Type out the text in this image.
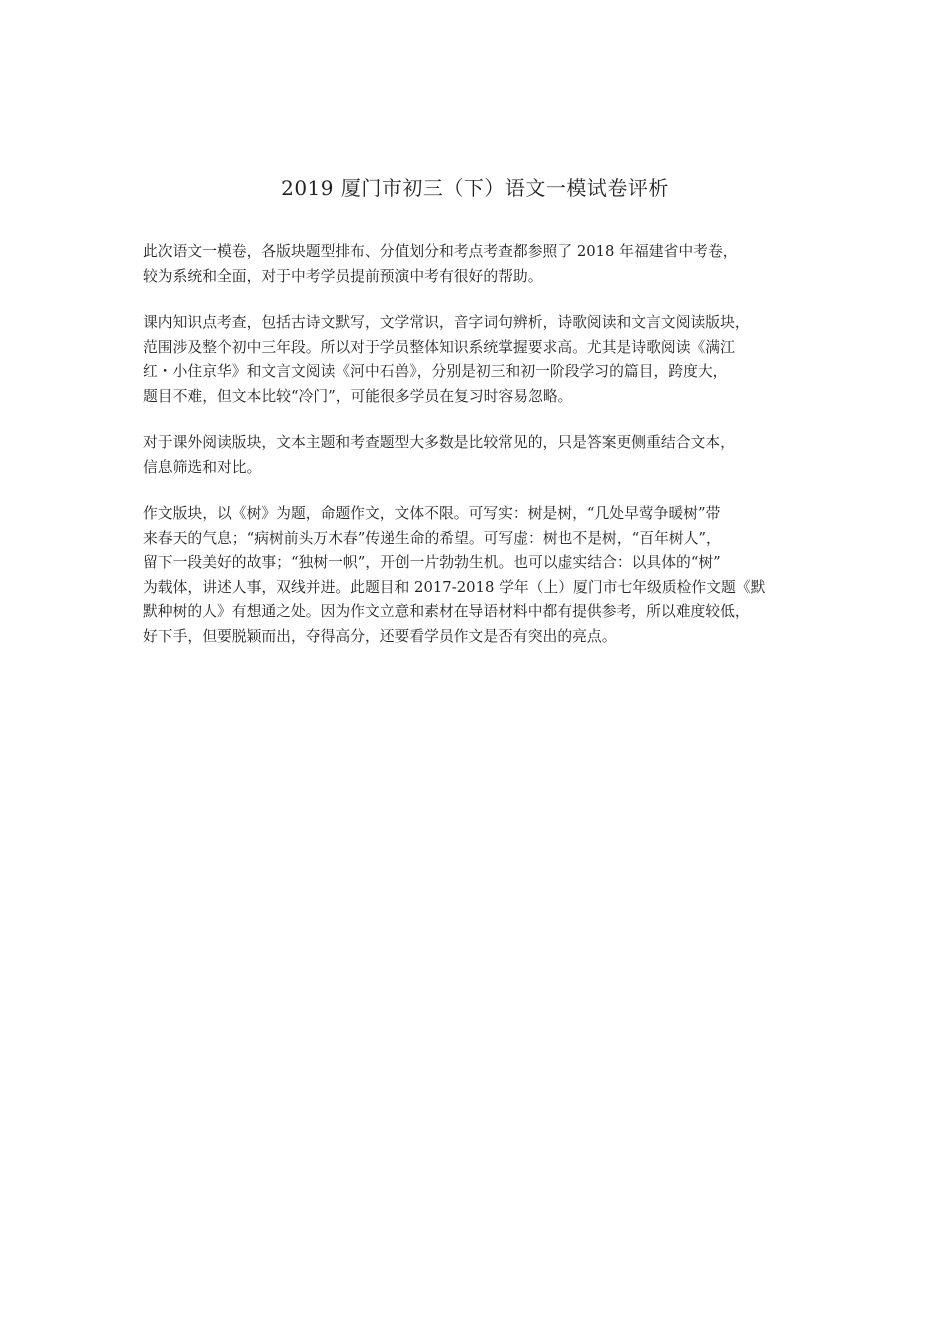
2019 厦门市初三（下）语文一模试卷评析

此次语文一模卷，各版块题型排布、分值划分和考点考查都参照了 2018 年福建省中考卷，
较为系统和全面，对于中考学员提前预演中考有很好的帮助。

课内知识点考查，包括古诗文默写，文学常识，音字词句辨析，诗歌阅读和文言文阅读版块，
范围涉及整个初中三年段。所以对于学员整体知识系统掌握要求高。尤其是诗歌阅读《满江
红・小住京华》和文言文阅读《河中石兽》，分别是初三和初一阶段学习的篇目，跨度大，
题目不难，但文本比较“冷门”，可能很多学员在复习时容易忽略。

对于课外阅读版块，文本主题和考查题型大多数是比较常见的，只是答案更侧重结合文本，
信息筛选和对比。

作文版块，以《树》为题，命题作文，文体不限。可写实：树是树，“几处早莺争暖树”带
来春天的气息；“病树前头万木春”传递生命的希望。可写虚：树也不是树，“百年树人”，
留下一段美好的故事；“独树一帜”，开创一片勃勃生机。也可以虚实结合：以具体的“树”
为载体，讲述人事，双线并进。此题目和 2017-2018 学年（上）厦门市七年级质检作文题《默
默种树的人》有想通之处。因为作文立意和素材在导语材料中都有提供参考，所以难度较低，
好下手，但要脱颖而出，夺得高分，还要看学员作文是否有突出的亮点。
